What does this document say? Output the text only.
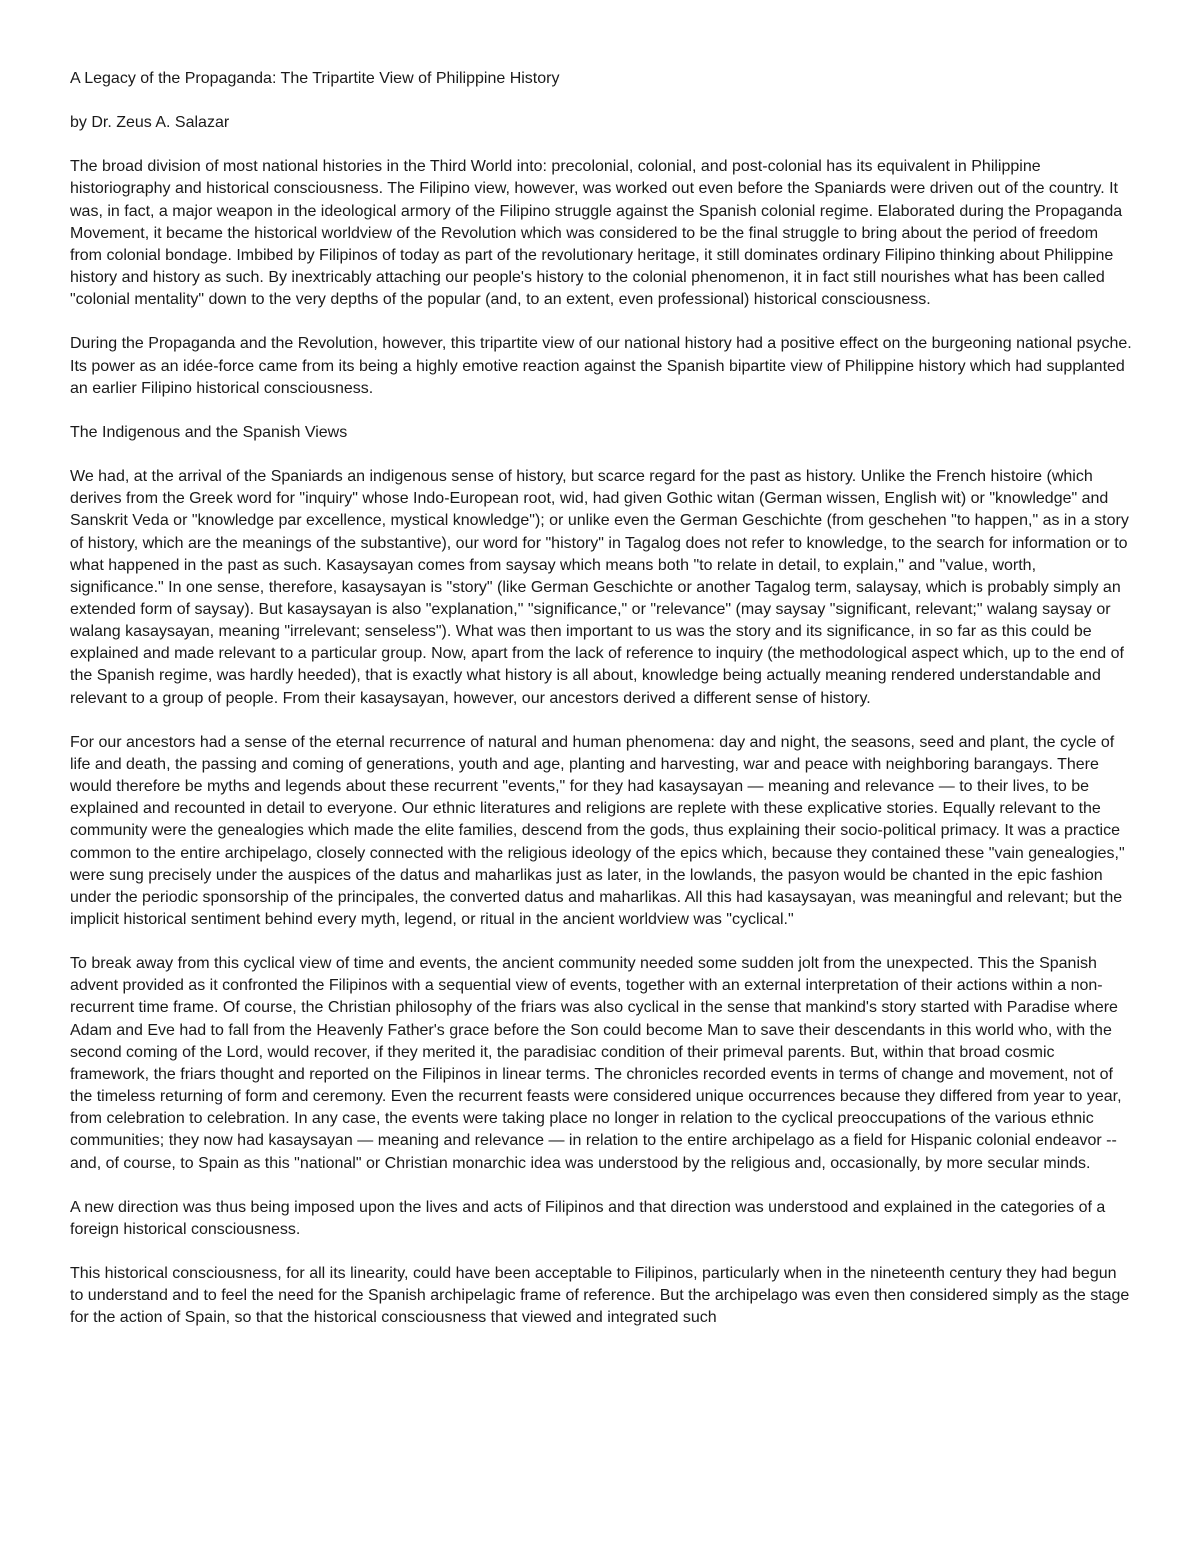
A Legacy of the Propaganda: The Tripartite View of Philippine History

by Dr. Zeus A. Salazar

The broad division of most national histories in the Third World into: precolonial, colonial, and post-colonial has its equivalent in Philippine historiography and historical consciousness. The Filipino view, however, was worked out even before the Spaniards were driven out of the country. It was, in fact, a major weapon in the ideological armory of the Filipino struggle against the Spanish colonial regime. Elaborated during the Propaganda Movement, it became the historical worldview of the Revolution which was considered to be the final struggle to bring about the period of freedom from colonial bondage. Imbibed by Filipinos of today as part of the revolutionary heritage, it still dominates ordinary Filipino thinking about Philippine history and history as such. By inextricably attaching our people's history to the colonial phenomenon, it in fact still nourishes what has been called "colonial mentality" down to the very depths of the popular (and, to an extent, even professional) historical consciousness.

During the Propaganda and the Revolution, however, this tripartite view of our national history had a positive effect on the burgeoning national psyche. Its power as an idée-force came from its being a highly emotive reaction against the Spanish bipartite view of Philippine history which had supplanted an earlier Filipino historical consciousness.

The Indigenous and the Spanish Views

We had, at the arrival of the Spaniards an indigenous sense of history, but scarce regard for the past as history. Unlike the French histoire (which derives from the Greek word for "inquiry" whose Indo-European root, wid, had given Gothic witan (German wissen, English wit) or "knowledge" and Sanskrit Veda or "knowledge par excellence, mystical knowledge"); or unlike even the German Geschichte (from geschehen "to happen," as in a story of history, which are the meanings of the substantive), our word for "history" in Tagalog does not refer to knowledge, to the search for information or to what happened in the past as such. Kasaysayan comes from saysay which means both "to relate in detail, to explain," and "value, worth, significance." In one sense, therefore, kasaysayan is "story" (like German Geschichte or another Tagalog term, salaysay, which is probably simply an extended form of saysay). But kasaysayan is also "explanation," "significance," or "relevance" (may saysay "significant, relevant;" walang saysay or walang kasaysayan, meaning "irrelevant; senseless"). What was then important to us was the story and its significance, in so far as this could be explained and made relevant to a particular group. Now, apart from the lack of reference to inquiry (the methodological aspect which, up to the end of the Spanish regime, was hardly heeded), that is exactly what history is all about, knowledge being actually meaning rendered understandable and relevant to a group of people. From their kasaysayan, however, our ancestors derived a different sense of history.

For our ancestors had a sense of the eternal recurrence of natural and human phenomena: day and night, the seasons, seed and plant, the cycle of life and death, the passing and coming of generations, youth and age, planting and harvesting, war and peace with neighboring barangays. There would therefore be myths and legends about these recurrent "events," for they had kasaysayan — meaning and relevance — to their lives, to be explained and recounted in detail to everyone. Our ethnic literatures and religions are replete with these explicative stories. Equally relevant to the community were the genealogies which made the elite families, descend from the gods, thus explaining their socio-political primacy. It was a practice common to the entire archipelago, closely connected with the religious ideology of the epics which, because they contained these "vain genealogies," were sung precisely under the auspices of the datus and maharlikas just as later, in the lowlands, the pasyon would be chanted in the epic fashion under the periodic sponsorship of the principales, the converted datus and maharlikas. All this had kasaysayan, was meaningful and relevant; but the implicit historical sentiment behind every myth, legend, or ritual in the ancient worldview was "cyclical."

To break away from this cyclical view of time and events, the ancient community needed some sudden jolt from the unexpected. This the Spanish advent provided as it confronted the Filipinos with a sequential view of events, together with an external interpretation of their actions within a non-recurrent time frame. Of course, the Christian philosophy of the friars was also cyclical in the sense that mankind's story started with Paradise where Adam and Eve had to fall from the Heavenly Father's grace before the Son could become Man to save their descendants in this world who, with the second coming of the Lord, would recover, if they merited it, the paradisiac condition of their primeval parents. But, within that broad cosmic framework, the friars thought and reported on the Filipinos in linear terms. The chronicles recorded events in terms of change and movement, not of the timeless returning of form and ceremony. Even the recurrent feasts were considered unique occurrences because they differed from year to year, from celebration to celebration. In any case, the events were taking place no longer in relation to the cyclical preoccupations of the various ethnic communities; they now had kasaysayan — meaning and relevance — in relation to the entire archipelago as a field for Hispanic colonial endeavor -- and, of course, to Spain as this "national" or Christian monarchic idea was understood by the religious and, occasionally, by more secular minds.

A new direction was thus being imposed upon the lives and acts of Filipinos and that direction was understood and explained in the categories of a foreign historical consciousness.

This historical consciousness, for all its linearity, could have been acceptable to Filipinos, particularly when in the nineteenth century they had begun to understand and to feel the need for the Spanish archipelagic frame of reference. But the archipelago was even then considered simply as the stage for the action of Spain, so that the historical consciousness that viewed and integrated such
